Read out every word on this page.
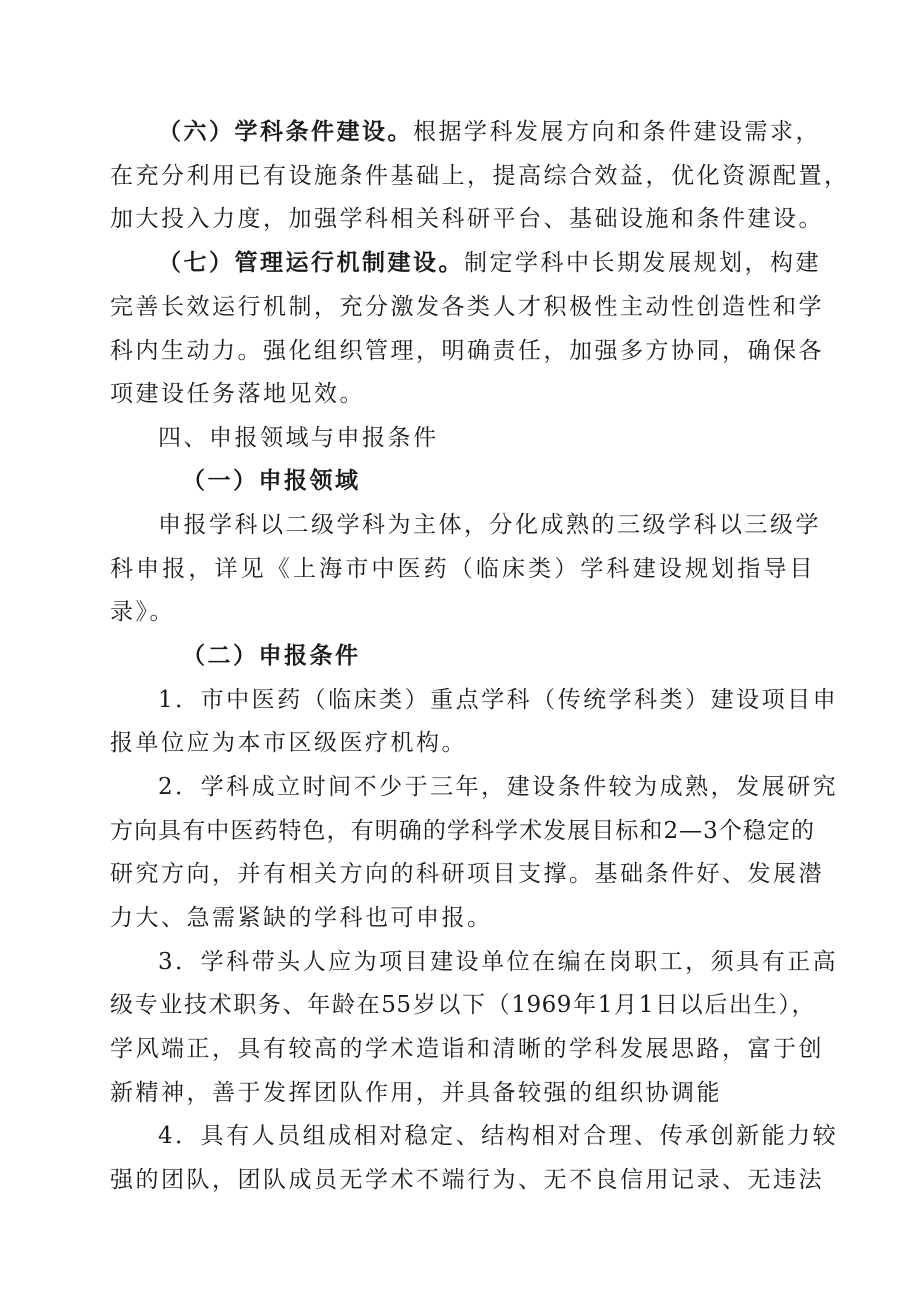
（六）学科条件建设。根据学科发展方向和条件建设需求，
在充分利用已有设施条件基础上，提高综合效益，优化资源配置，
加大投入力度，加强学科相关科研平台、基础设施和条件建设。
（七）管理运行机制建设。制定学科中长期发展规划，构建
完善长效运行机制，充分激发各类人才积极性主动性创造性和学
科内生动力。强化组织管理，明确责任，加强多方协同，确保各
项建设任务落地见效。
四、申报领域与申报条件
（一）申报领域
申报学科以二级学科为主体，分化成熟的三级学科以三级学
科申报，详见《上海市中医药（临床类）学科建设规划指导目
录》。
（二）申报条件
1．市中医药（临床类）重点学科（传统学科类）建设项目申
报单位应为本市区级医疗机构。
2．学科成立时间不少于三年，建设条件较为成熟，发展研究
方向具有中医药特色，有明确的学科学术发展目标和2—3个稳定的
研究方向，并有相关方向的科研项目支撑。基础条件好、发展潜
力大、急需紧缺的学科也可申报。
3．学科带头人应为项目建设单位在编在岗职工，须具有正高
级专业技术职务、年龄在55岁以下（1969年1月1日以后出生），
学风端正，具有较高的学术造诣和清晰的学科发展思路，富于创
新精神，善于发挥团队作用，并具备较强的组织协调能
4．具有人员组成相对稳定、结构相对合理、传承创新能力较
强的团队，团队成员无学术不端行为、无不良信用记录、无违法
